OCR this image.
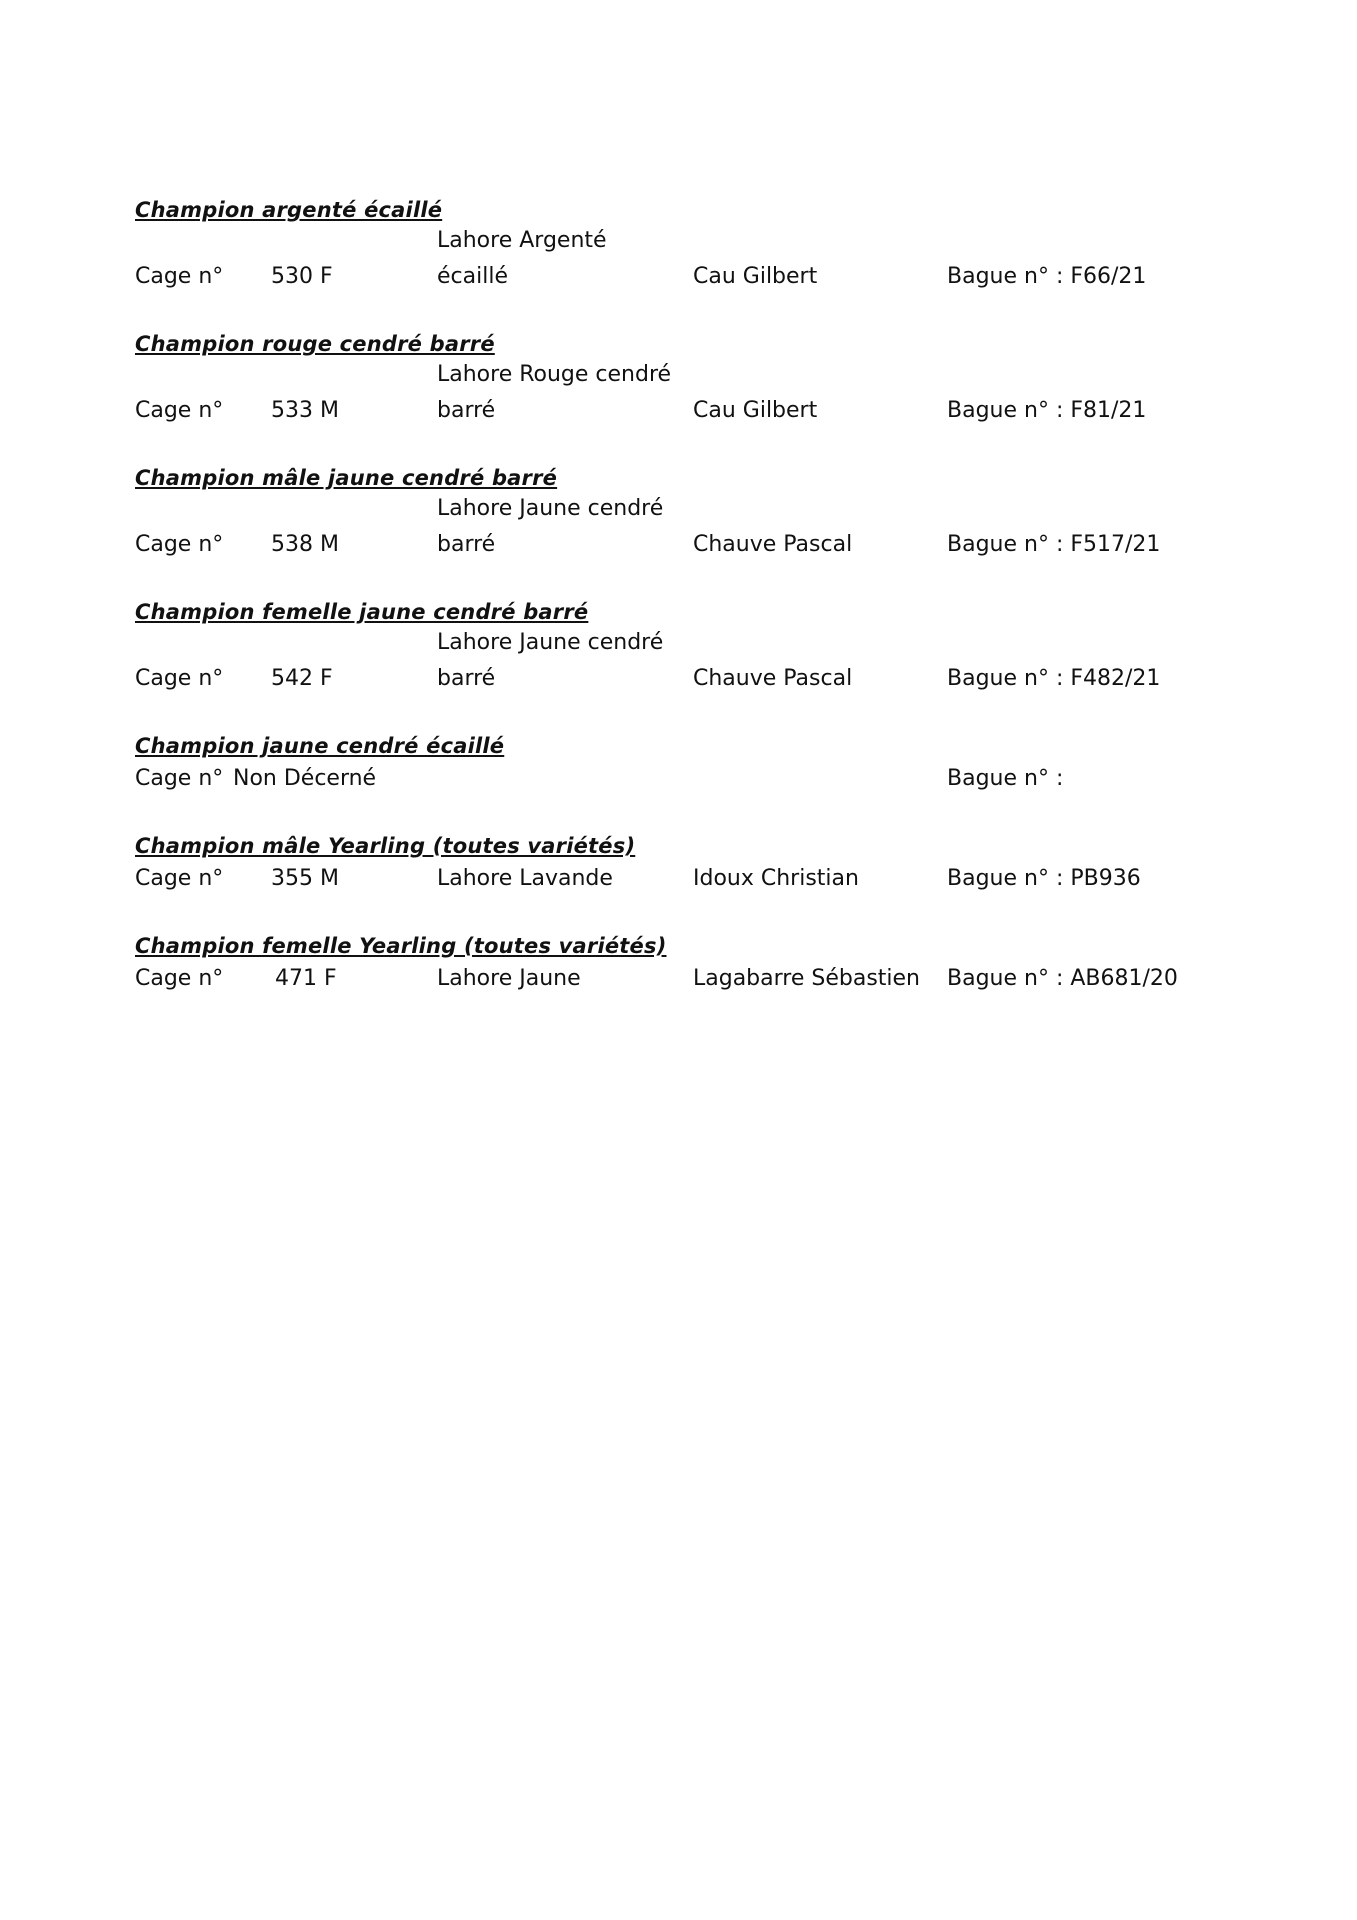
Champion argenté écaillé
Lahore Argenté
Cage n° 530 F	écaillé	Cau Gilbert	Bague n° : F66/21
Champion rouge cendré barré
Lahore Rouge cendré
Cage n° 533 M	barré	Cau Gilbert	Bague n° : F81/21
Champion mâle jaune cendré barré
Lahore Jaune cendré
Cage n° 538 M	barré	Chauve Pascal	Bague n° : F517/21
Champion femelle jaune cendré barré
Lahore Jaune cendré
Cage n° 542 F	barré	Chauve Pascal	Bague n° : F482/21
Champion jaune cendré écaillé
Cage n° Non Décerné	Bague n° :
Champion mâle Yearling (toutes variétés)
Cage n° 355 M	Lahore Lavande	Idoux Christian	Bague n° : PB936
Champion femelle Yearling (toutes variétés)
Cage n° 471 F	Lahore Jaune	Lagabarre Sébastien Bague n° : AB681/20
